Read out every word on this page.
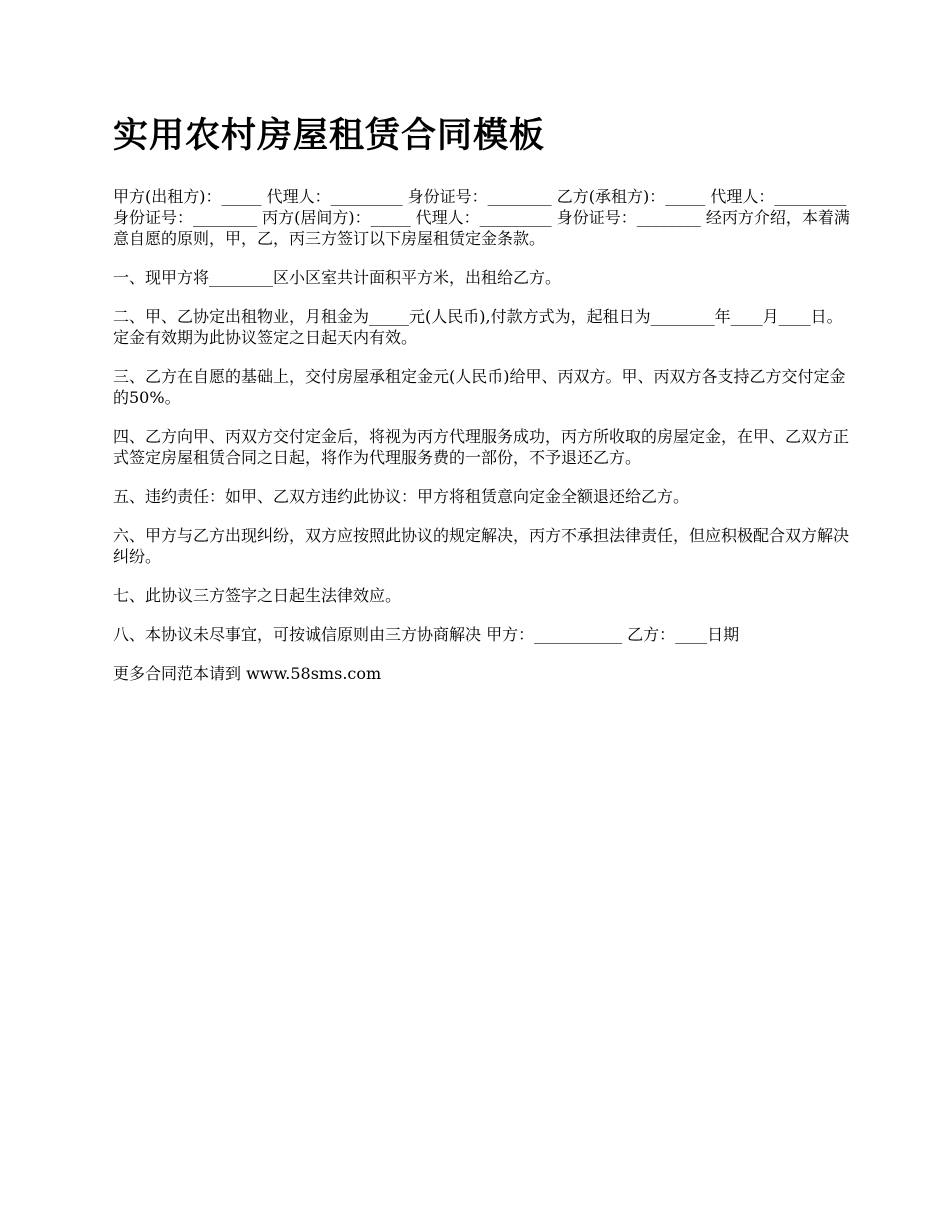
实用农村房屋租赁合同模板

甲方(出租方)：_____ 代理人：_________ 身份证号：________ 乙方(承租方)：_____ 代理人：_________ 身份证号：________ 丙方(居间方)：_____ 代理人：_________ 身份证号：________ 经丙方介绍，本着满意自愿的原则，甲，乙，丙三方签订以下房屋租赁定金条款。

一、现甲方将________区小区室共计面积平方米，出租给乙方。

二、甲、乙协定出租物业，月租金为_____元(人民币),付款方式为，起租日为________年____月____日。定金有效期为此协议签定之日起天内有效。

三、乙方在自愿的基础上，交付房屋承租定金元(人民币)给甲、丙双方。甲、丙双方各支持乙方交付定金的50%。

四、乙方向甲、丙双方交付定金后，将视为丙方代理服务成功，丙方所收取的房屋定金，在甲、乙双方正式签定房屋租赁合同之日起，将作为代理服务费的一部份，不予退还乙方。

五、违约责任：如甲、乙双方违约此协议：甲方将租赁意向定金全额退还给乙方。

六、甲方与乙方出现纠纷，双方应按照此协议的规定解决，丙方不承担法律责任，但应积极配合双方解决纠纷。

七、此协议三方签字之日起生法律效应。

八、本协议未尽事宜，可按诚信原则由三方协商解决 甲方：___________ 乙方：____日期

更多合同范本请到 www.58sms.com
